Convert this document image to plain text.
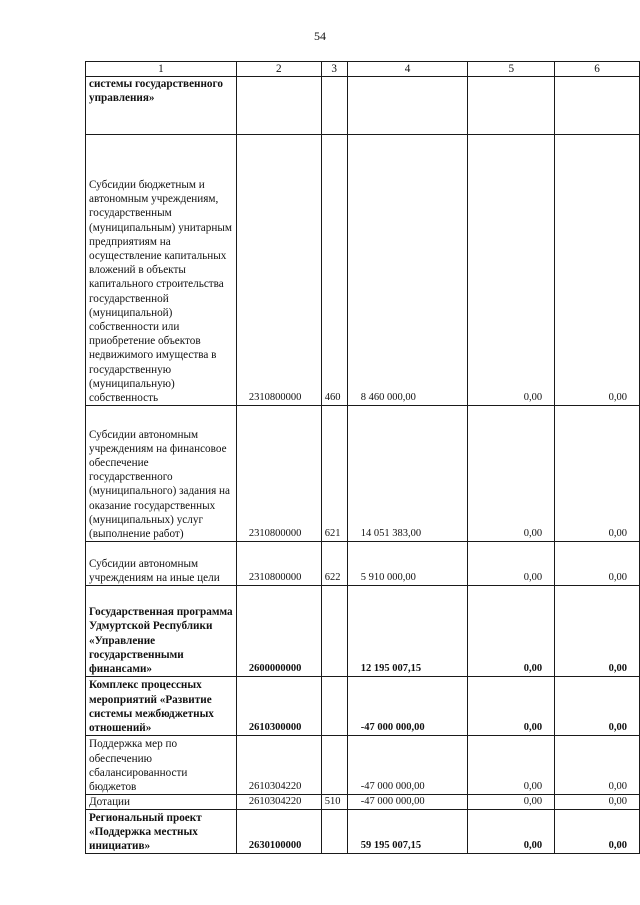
54
1	2	3	4	5	6
системы государственного управления»					
Субсидии бюджетным и автономным учреждениям, государственным (муниципальным) унитарным предприятиям на осуществление капитальных вложений в объекты капитального строительства государственной (муниципальной) собственности или приобретение объектов недвижимого имущества в государственную (муниципальную) собственность	2310800000	460	8 460 000,00	0,00	0,00
Субсидии автономным учреждениям на финансовое обеспечение государственного (муниципального) задания на оказание государственных (муниципальных) услуг (выполнение работ)	2310800000	621	14 051 383,00	0,00	0,00
Субсидии автономным учреждениям на иные цели	2310800000	622	5 910 000,00	0,00	0,00
Государственная программа Удмуртской Республики «Управление государственными финансами»	2600000000		12 195 007,15	0,00	0,00
Комплекс процессных мероприятий «Развитие системы межбюджетных отношений»	2610300000		-47 000 000,00	0,00	0,00
Поддержка мер по обеспечению сбалансированности бюджетов	2610304220		-47 000 000,00	0,00	0,00
Дотации	2610304220	510	-47 000 000,00	0,00	0,00
Региональный проект «Поддержка местных инициатив»	2630100000		59 195 007,15	0,00	0,00
